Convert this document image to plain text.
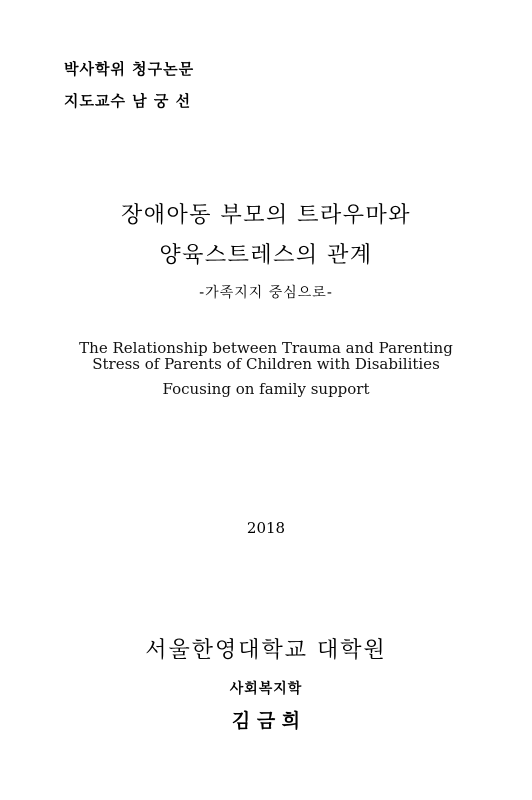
박사학위 청구논문
지도교수 남 궁 선
장애아동 부모의 트라우마와
양육스트레스의 관계
-가족지지 중심으로-
The Relationship between Trauma and Parenting
Stress of Parents of Children with Disabilities
Focusing on family support
2018
서울한영대학교 대학원
사회복지학
김 금 희
